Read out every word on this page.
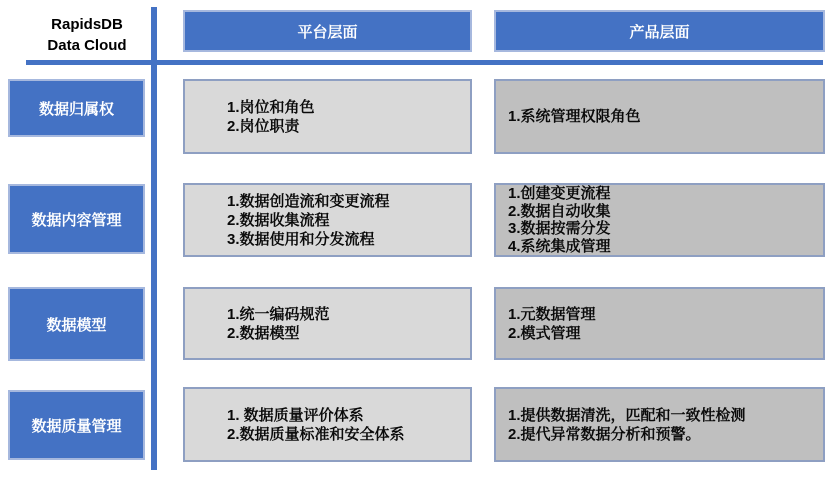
RapidsDB
Data Cloud
平台层面	产品层面
数据归属权
数据内容管理
数据模型
数据质量管理
1.岗位和角色
2.岗位职责
1.系统管理权限角色
1.数据创造流和变更流程
2.数据收集流程
3.数据使用和分发流程
1.创建变更流程
2.数据自动收集
3.数据按需分发
4.系统集成管理
1.统一编码规范
2.数据模型
1.元数据管理
2.模式管理
1. 数据质量评价体系
2.数据质量标准和安全体系
1.提供数据清洗，匹配和一致性检测
2.提代异常数据分析和预警。
